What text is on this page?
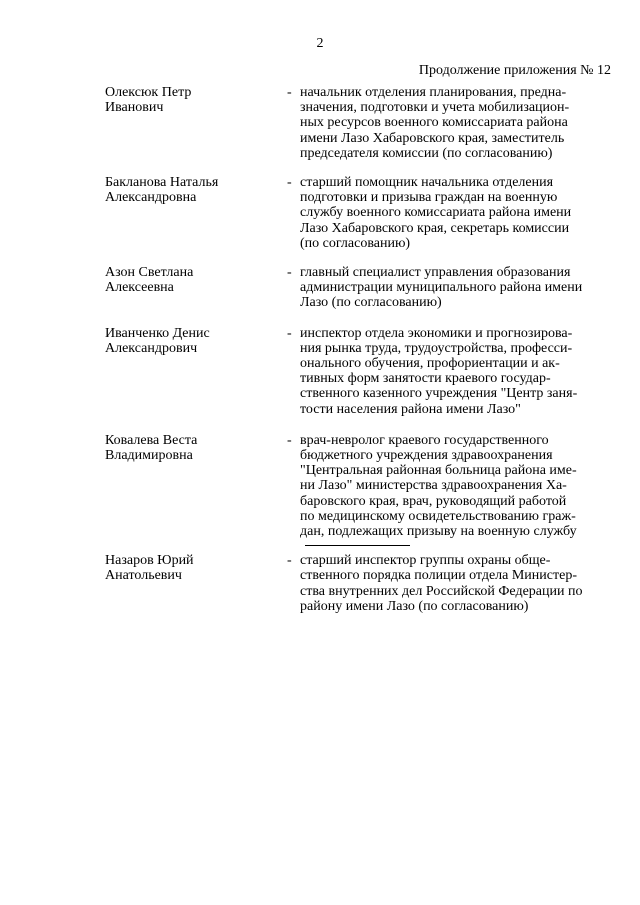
2
Продолжение приложения № 12
Олексюк Петр
Иванович
- начальник отделения планирования, предна-
значения, подготовки и учета мобилизацион-
ных ресурсов военного комиссариата района
имени Лазо Хабаровского края, заместитель
председателя комиссии (по согласованию)
Бакланова Наталья
Александровна
- старший помощник начальника отделения
подготовки и призыва граждан на военную
службу военного комиссариата района имени
Лазо Хабаровского края, секретарь комиссии
(по согласованию)
Азон Светлана
Алексеевна
- главный специалист управления образования
администрации муниципального района имени
Лазо (по согласованию)
Иванченко Денис
Александрович
- инспектор отдела экономики и прогнозирова-
ния рынка труда, трудоустройства, професси-
онального обучения, профориентации и ак-
тивных форм занятости краевого государ-
ственного казенного учреждения "Центр заня-
тости населения района имени Лазо"
Ковалева Веста
Владимировна
- врач-невролог краевого государственного
бюджетного учреждения здравоохранения
"Центральная районная больница района име-
ни Лазо" министерства здравоохранения Ха-
баровского края, врач, руководящий работой
по медицинскому освидетельствованию граж-
дан, подлежащих призыву на военную службу
Назаров Юрий
Анатольевич
- старший инспектор группы охраны обще-
ственного порядка полиции отдела Министер-
ства внутренних дел Российской Федерации по
району имени Лазо (по согласованию)
